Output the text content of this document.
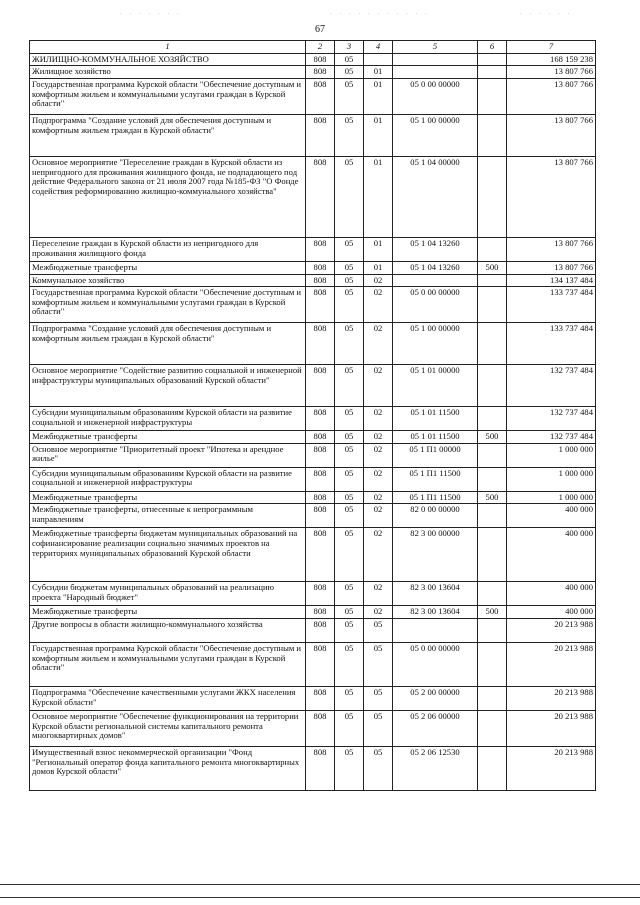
. . . . . . .	. . . . . . . . . . .	. . . . . .
67
1	2	3	4	5	6	7
ЖИЛИЩНО-КОММУНАЛЬНОЕ ХОЗЯЙСТВО	808	05				168 159 238
Жилищное хозяйство	808	05	01			13 807 766
Государственная программа Курской области "Обеспечение доступным и комфортным жильем и коммунальными услугами граждан в Курской области"	808	05	01	05 0 00 00000		13 807 766
Подпрограмма "Создание условий для обеспечения доступным и комфортным жильем граждан в Курской области"	808	05	01	05 1 00 00000		13 807 766
Основное мероприятие "Переселение граждан в Курской области из непригодного для проживания жилищного фонда, не подпадающего под действие Федерального закона от 21 июля 2007 года №185-ФЗ "О Фонде содействия реформированию жилищно-коммунального хозяйства"	808	05	01	05 1 04 00000		13 807 766
Переселение граждан в Курской области из непригодного для проживания жилищного фонда	808	05	01	05 1 04 13260		13 807 766
Межбюджетные трансферты	808	05	01	05 1 04 13260	500	13 807 766
Коммунальное хозяйство	808	05	02			134 137 484
Государственная программа Курской области "Обеспечение доступным и комфортным жильем и коммунальными услугами граждан в Курской области"	808	05	02	05 0 00 00000		133 737 484
Подпрограмма "Создание условий для обеспечения доступным и комфортным жильем граждан в Курской области"	808	05	02	05 1 00 00000		133 737 484
Основное мероприятие "Содействие развитию социальной и инженерной инфраструктуры муниципальных образований Курской области"	808	05	02	05 1 01 00000		132 737 484
Субсидии муниципальным образованиям Курской области на развитие социальной и инженерной инфраструктуры	808	05	02	05 1 01 11500		132 737 484
Межбюджетные трансферты	808	05	02	05 1 01 11500	500	132 737 484
Основное мероприятие "Приоритетный проект "Ипотека и арендное жилье"	808	05	02	05 1 П1 00000		1 000 000
Субсидии муниципальным образованиям Курской области на развитие социальной и инженерной инфраструктуры	808	05	02	05 1 П1 11500		1 000 000
Межбюджетные трансферты	808	05	02	05 1 П1 11500	500	1 000 000
Межбюджетные трансферты, отнесенные к непрограммным направлениям	808	05	02	82 0 00 00000		400 000
Межбюджетные трансферты бюджетам муниципальных образований на софинансирование реализации социально значимых проектов на территориях муниципальных образований Курской области	808	05	02	82 3 00 00000		400 000
Субсидии бюджетам муниципальных образований на реализацию проекта "Народный бюджет"	808	05	02	82 3 00 13604		400 000
Межбюджетные трансферты	808	05	02	82 3 00 13604	500	400 000
Другие вопросы в области жилищно-коммунального хозяйства	808	05	05			20 213 988
Государственная программа Курской области "Обеспечение доступным и комфортным жильем и коммунальными услугами граждан в Курской области"	808	05	05	05 0 00 00000		20 213 988
Подпрограмма "Обеспечение качественными услугами ЖКХ населения Курской области"	808	05	05	05 2 00 00000		20 213 988
Основное мероприятие "Обеспечение функционирования на территории Курской области региональной системы капитального ремонта многоквартирных домов"	808	05	05	05 2 06 00000		20 213 988
Имущественный взнос некоммерческой организации "Фонд "Региональный оператор фонда капитального ремонта многоквартирных домов Курской области"	808	05	05	05 2 06 12530		20 213 988
